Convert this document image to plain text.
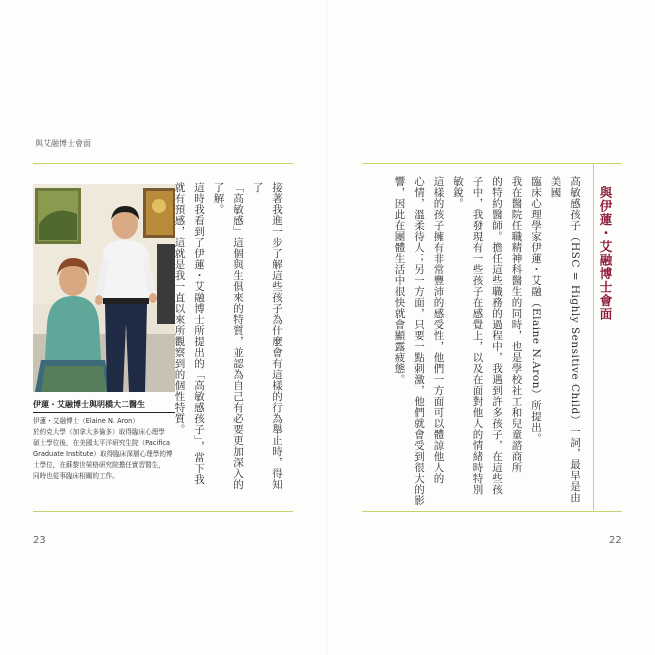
與艾融博士會面
伊蓮・艾融博士與明橋大二醫生
伊蓮・艾融博士（Elaine N. Aron）
於約克大學（加拿大多倫多）取得臨床心理學
碩士學位後，在美國太平洋研究生院（Pacifica
Graduate Institute）取得臨床深層心理學的博
士學位，在蘇黎世榮格研究院擔任實習醫生，
同時也從事臨床相關的工作。	接著我進一步了解這些孩子為什麼會有這樣的行為舉止時，得知了
「高敏感」這個與生俱來的特質，並認為自己有必要更加深入的了解。
這時我看到了伊蓮・艾融博士所提出的「高敏感孩子」，當下我
就有預感，這就是我一直以來所觀察到的個性特質。	高敏感孩子（HSC = Highly Sensitive Child）一詞，最早是由美國
臨床心理學家伊蓮・艾融（Elaine N.Aron）所提出。
我在醫院任職精神科醫生的同時，也是學校社工和兒童諮商所
的特約醫師。擔任這些職務的過程中，我遇到許多孩子，在這些孩
子中，我發現有一些孩子在感覺上，以及在面對他人的情緒時特別
敏銳。
這樣的孩子擁有非常豐沛的感受性，他們一方面可以體諒他人的
心情，溫柔待人；另一方面，只要一點刺激，他們就會受到很大的影
響，因此在團體生活中很快就會顯露疲態。	與伊蓮・艾融博士會面
23	22
